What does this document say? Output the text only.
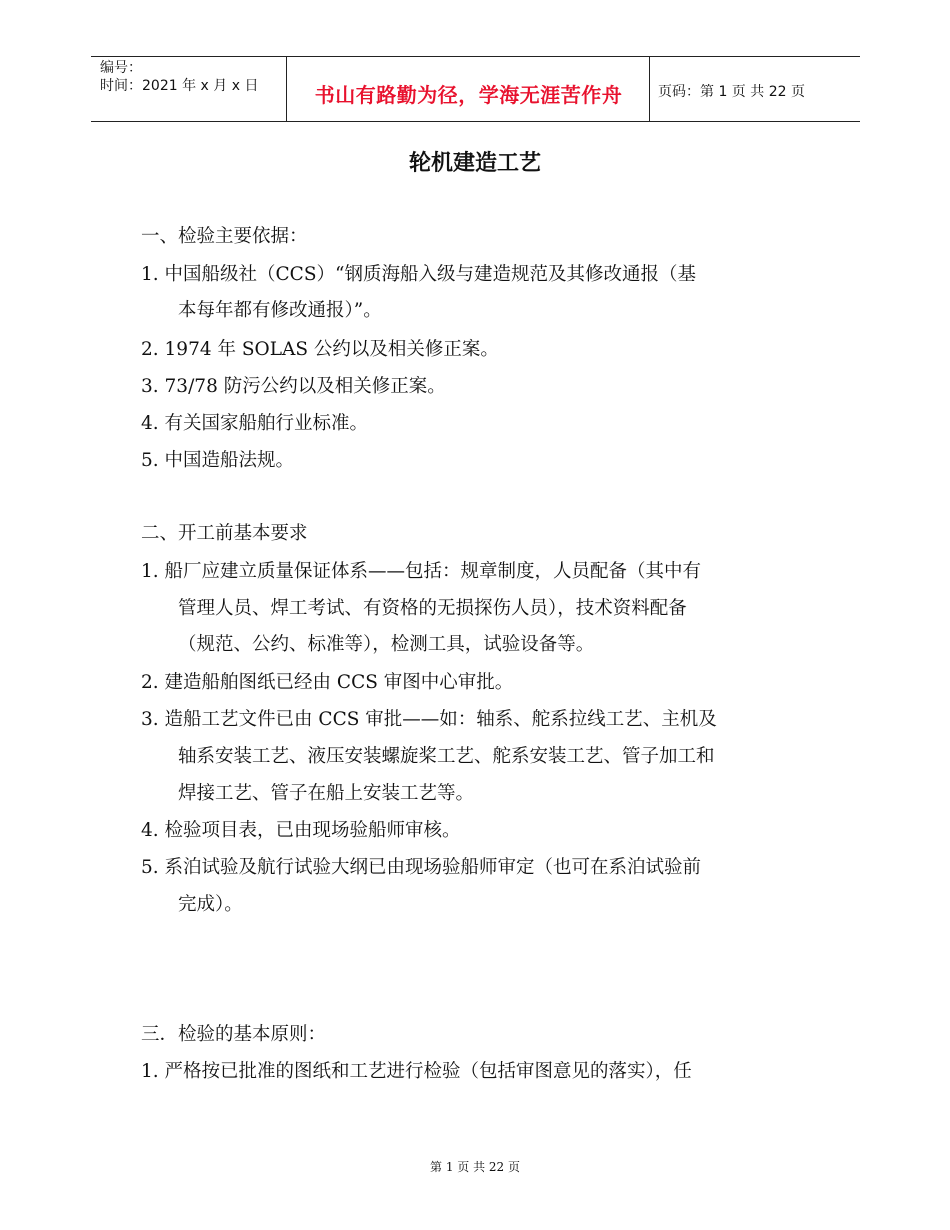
编号：
时间：2021 年 x 月 x 日	书山有路勤为径，学海无涯苦作舟	页码：第 1 页 共 22 页
轮机建造工艺
一、检验主要依据：
1. 中国船级社（CCS）“钢质海船入级与建造规范及其修改通报（基
本每年都有修改通报）”。
2. 1974 年 SOLAS 公约以及相关修正案。
3. 73/78 防污公约以及相关修正案。
4. 有关国家船舶行业标准。
5. 中国造船法规。
二、开工前基本要求
1. 船厂应建立质量保证体系——包括：规章制度，人员配备（其中有
管理人员、焊工考试、有资格的无损探伤人员），技术资料配备
（规范、公约、标准等），检测工具，试验设备等。
2. 建造船舶图纸已经由 CCS 审图中心审批。
3. 造船工艺文件已由 CCS 审批——如：轴系、舵系拉线工艺、主机及
轴系安装工艺、液压安装螺旋桨工艺、舵系安装工艺、管子加工和
焊接工艺、管子在船上安装工艺等。
4. 检验项目表，已由现场验船师审核。
5. 系泊试验及航行试验大纲已由现场验船师审定（也可在系泊试验前
完成）。
三．检验的基本原则：
1. 严格按已批准的图纸和工艺进行检验（包括审图意见的落实），任
第 1 页 共 22 页
